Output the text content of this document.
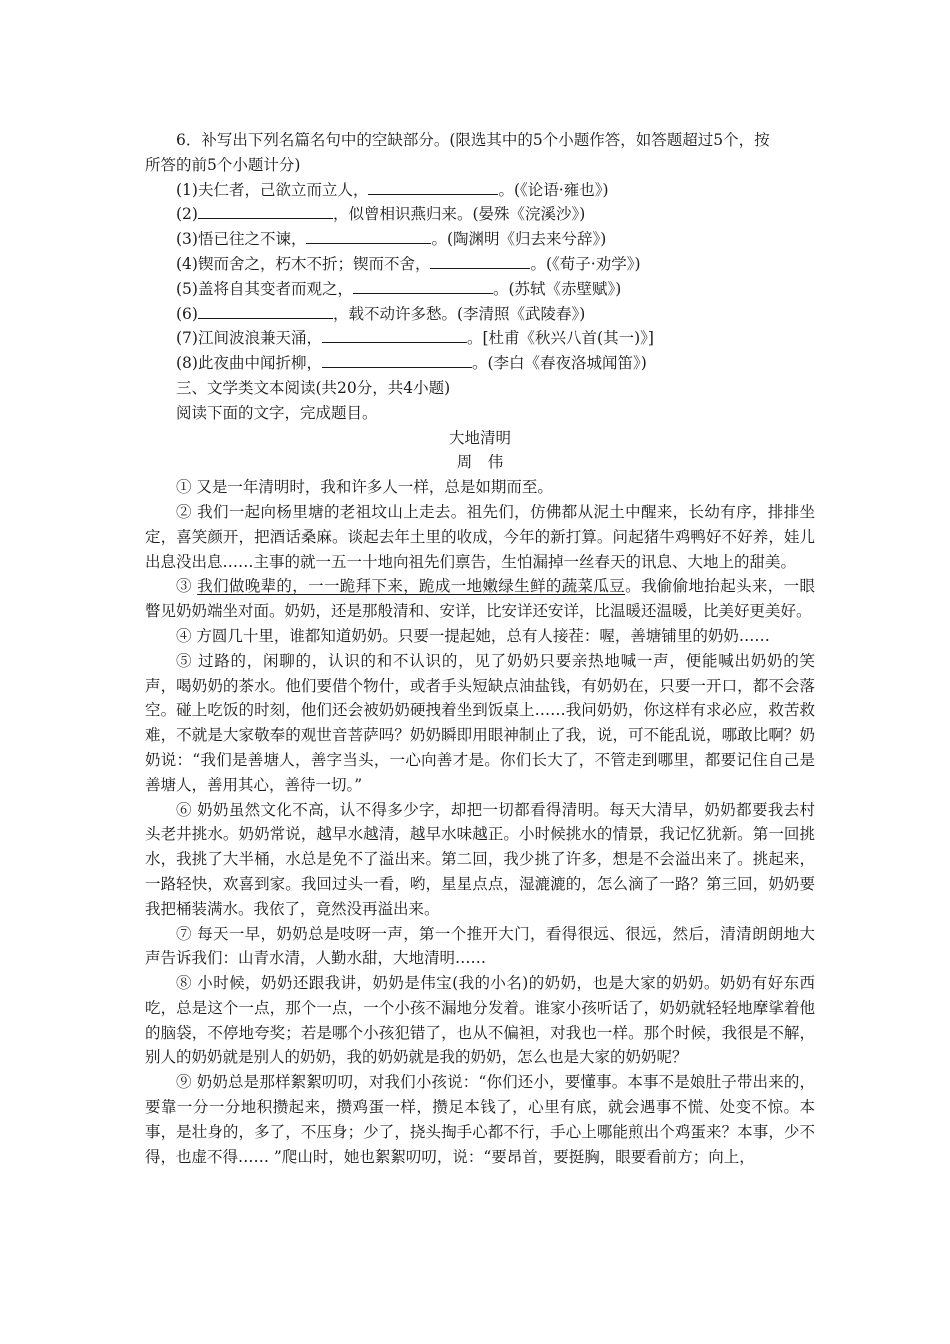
6．补写出下列名篇名句中的空缺部分。(限选其中的5个小题作答，如答题超过5个，按
所答的前5个小题计分)
(1)夫仁者，己欲立而立人，	。(《论语·雍也》)
(2)	，似曾相识燕归来。(晏殊《浣溪沙》)
(3)悟已往之不谏，	。(陶渊明《归去来兮辞》)
(4)锲而舍之，朽木不折；锲而不舍，	。(《荀子·劝学》)
(5)盖将自其变者而观之，	。(苏轼《赤壁赋》)
(6)	，载不动许多愁。(李清照《武陵春》)
(7)江间波浪兼天涌，	。[杜甫《秋兴八首(其一)》]
(8)此夜曲中闻折柳，	。(李白《春夜洛城闻笛》)
三、文学类文本阅读(共20分，共4小题)
阅读下面的文字，完成题目。
大地清明
周　伟

① 又是一年清明时，我和许多人一样，总是如期而至。

② 我们一起向杨里塘的老祖坟山上走去。祖先们，仿佛都从泥土中醒来，长幼有序，排排坐定，喜笑颜开，把酒话桑麻。谈起去年土里的收成，今年的新打算。问起猪牛鸡鸭好不好养，娃儿出息没出息……主事的就一五一十地向祖先们禀告，生怕漏掉一丝春天的讯息、大地上的甜美。

③ 我们做晚辈的，一一跪拜下来，跪成一地嫩绿生鲜的蔬菜瓜豆。我偷偷地抬起头来，一眼瞥见奶奶端坐对面。奶奶，还是那般清和、安详，比安详还安详，比温暖还温暖，比美好更美好。

④ 方圆几十里，谁都知道奶奶。只要一提起她，总有人接茬：喔，善塘铺里的奶奶……

⑤ 过路的，闲聊的，认识的和不认识的，见了奶奶只要亲热地喊一声，便能喊出奶奶的笑声，喝奶奶的茶水。他们要借个物什，或者手头短缺点油盐钱，有奶奶在，只要一开口，都不会落空。碰上吃饭的时刻，他们还会被奶奶硬拽着坐到饭桌上……我问奶奶，你这样有求必应，救苦救难，不就是大家敬奉的观世音菩萨吗？奶奶瞬即用眼神制止了我，说，可不能乱说，哪敢比啊？奶奶说：“我们是善塘人，善字当头，一心向善才是。你们长大了，不管走到哪里，都要记住自己是善塘人，善用其心，善待一切。”

⑥ 奶奶虽然文化不高，认不得多少字，却把一切都看得清明。每天大清早，奶奶都要我去村头老井挑水。奶奶常说，越早水越清，越早水味越正。小时候挑水的情景，我记忆犹新。第一回挑水，我挑了大半桶，水总是免不了溢出来。第二回，我少挑了许多，想是不会溢出来了。挑起来，一路轻快，欢喜到家。我回过头一看，哟，星星点点，湿漉漉的，怎么滴了一路？第三回，奶奶要我把桶装满水。我依了，竟然没再溢出来。

⑦ 每天一早，奶奶总是吱呀一声，第一个推开大门，看得很远、很远，然后，清清朗朗地大声告诉我们：山青水清，人勤水甜，大地清明……

⑧ 小时候，奶奶还跟我讲，奶奶是伟宝(我的小名)的奶奶，也是大家的奶奶。奶奶有好东西吃，总是这个一点，那个一点，一个小孩不漏地分发着。谁家小孩听话了，奶奶就轻轻地摩挲着他的脑袋，不停地夸奖；若是哪个小孩犯错了，也从不偏袒，对我也一样。那个时候，我很是不解，别人的奶奶就是别人的奶奶，我的奶奶就是我的奶奶，怎么也是大家的奶奶呢？

⑨ 奶奶总是那样絮絮叨叨，对我们小孩说：“你们还小，要懂事。本事不是娘肚子带出来的，要靠一分一分地积攒起来，攒鸡蛋一样，攒足本钱了，心里有底，就会遇事不慌、处变不惊。本事，是壮身的，多了，不压身；少了，挠头掏手心都不行，手心上哪能煎出个鸡蛋来？本事，少不得，也虚不得…… ”爬山时，她也絮絮叨叨，说：“要昂首，要挺胸，眼要看前方；向上，
